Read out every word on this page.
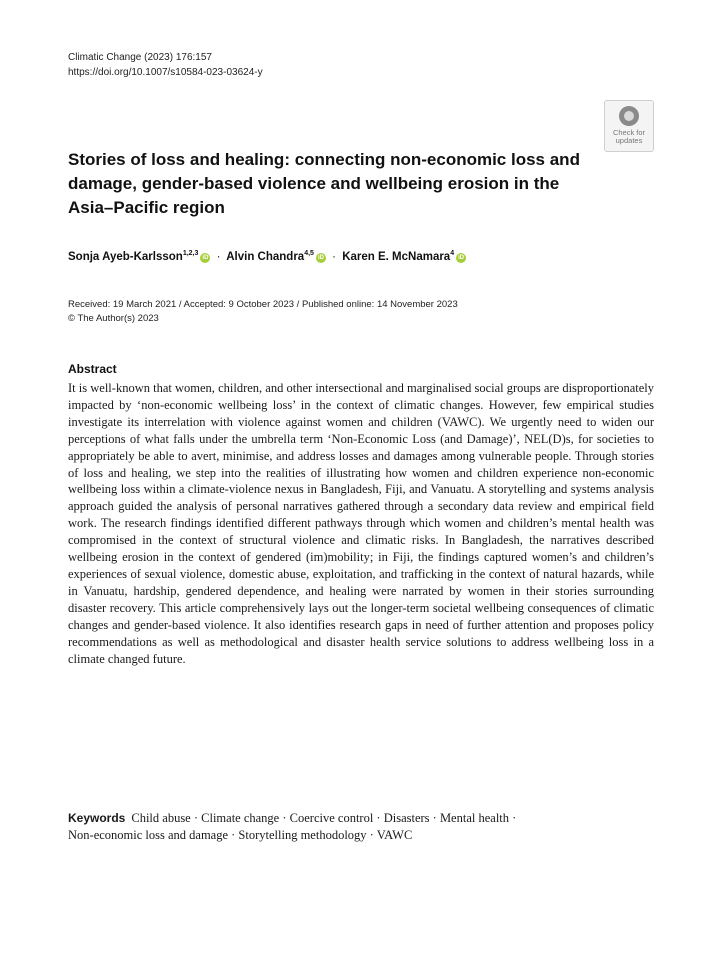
Climatic Change (2023) 176:157
https://doi.org/10.1007/s10584-023-03624-y
Check for
updates
Stories of loss and healing: connecting non-economic loss and damage, gender-based violence and wellbeing erosion in the Asia–Pacific region
Sonja Ayeb-Karlsson$^{1,2,3}$iD · Alvin Chandra$^{4,5}$iD · Karen E. McNamara$^4$iD
Received: 19 March 2021 / Accepted: 9 October 2023 / Published online: 14 November 2023
© The Author(s) 2023
Abstract

It is well-known that women, children, and other intersectional and marginalised social groups are disproportionately impacted by ‘non-economic wellbeing loss’ in the context of climatic changes. However, few empirical studies investigate its interrelation with violence against women and children (VAWC). We urgently need to widen our perceptions of what falls under the umbrella term ‘Non-Economic Loss (and Damage)’, NEL(D)s, for societies to appropriately be able to avert, minimise, and address losses and damages among vulnerable people. Through stories of loss and healing, we step into the realities of illustrating how women and children experience non-economic wellbeing loss within a climate-violence nexus in Bangladesh, Fiji, and Vanuatu. A storytelling and systems analysis approach guided the analysis of personal narratives gathered through a secondary data review and empirical field work. The research findings identified different pathways through which women and children’s mental health was compromised in the context of structural violence and climatic risks. In Bangladesh, the narratives described wellbeing erosion in the context of gendered (im)mobility; in Fiji, the findings captured women’s and children’s experiences of sexual violence, domestic abuse, exploitation, and trafficking in the context of natural hazards, while in Vanuatu, hardship, gendered dependence, and healing were narrated by women in their stories surrounding disaster recovery. This article comprehensively lays out the longer-term societal wellbeing consequences of climatic changes and gender-based violence. It also identifies research gaps in need of further attention and proposes policy recommendations as well as methodological and disaster health service solutions to address wellbeing loss in a climate changed future.

Keywords Child abuse · Climate change · Coercive control · Disasters · Mental health ·
Non-economic loss and damage · Storytelling methodology · VAWC
